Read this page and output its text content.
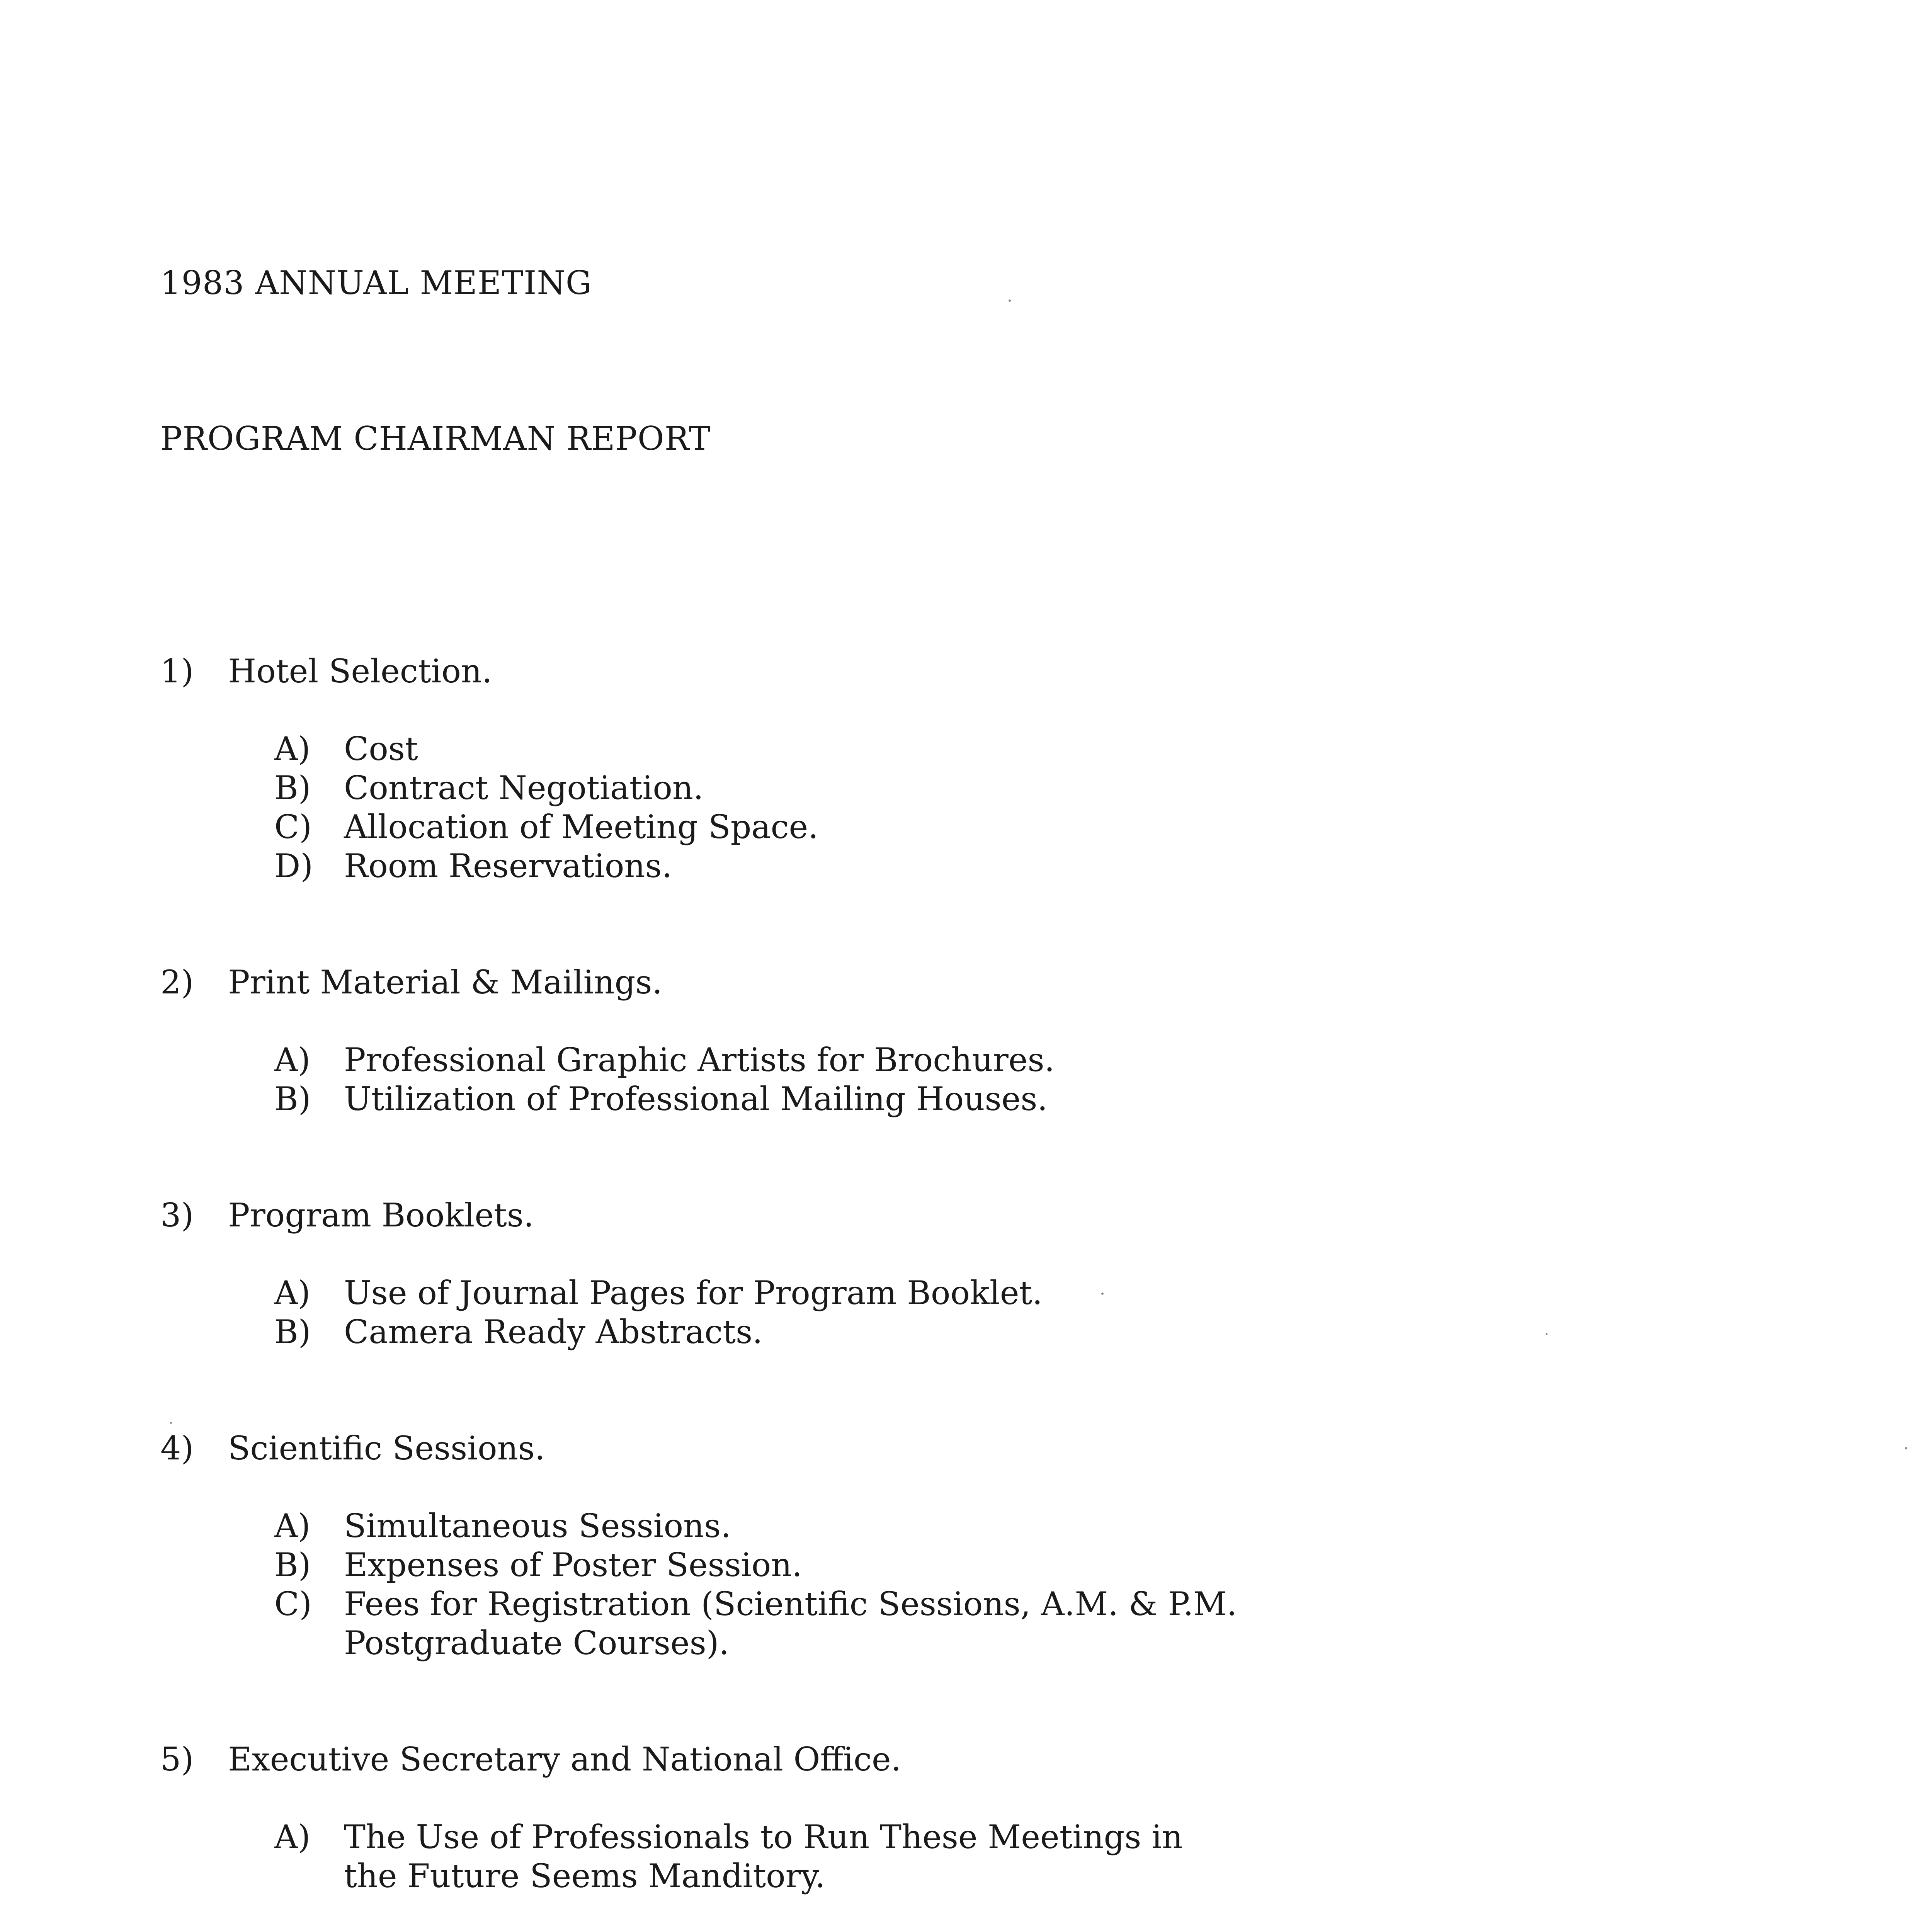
1983 ANNUAL MEETING

PROGRAM CHAIRMAN REPORT

1)	Hotel Selection.
A)	Cost
B)	Contract Negotiation.
C) Allocation of Meeting Space.
D) Room Reservations.
2)	Print Material & Mailings.
A)	Professional Graphic Artists for Brochures.
B)	Utilization of Professional Mailing Houses.
3)	Program Booklets.
A)	Use of Journal Pages for Program Booklet.
B)	Camera Ready Abstracts.
4)	Scientific Sessions.
A)	Simultaneous Sessions.
B)	Expenses of Poster Session.
C) Fees for Registration (Scientific Sessions, A.M. & P.M.
Postgraduate Courses).
5)	Executive Secretary and National Office.
A)	The Use of Professionals to Run These Meetings in
the Future Seems Manditory.
